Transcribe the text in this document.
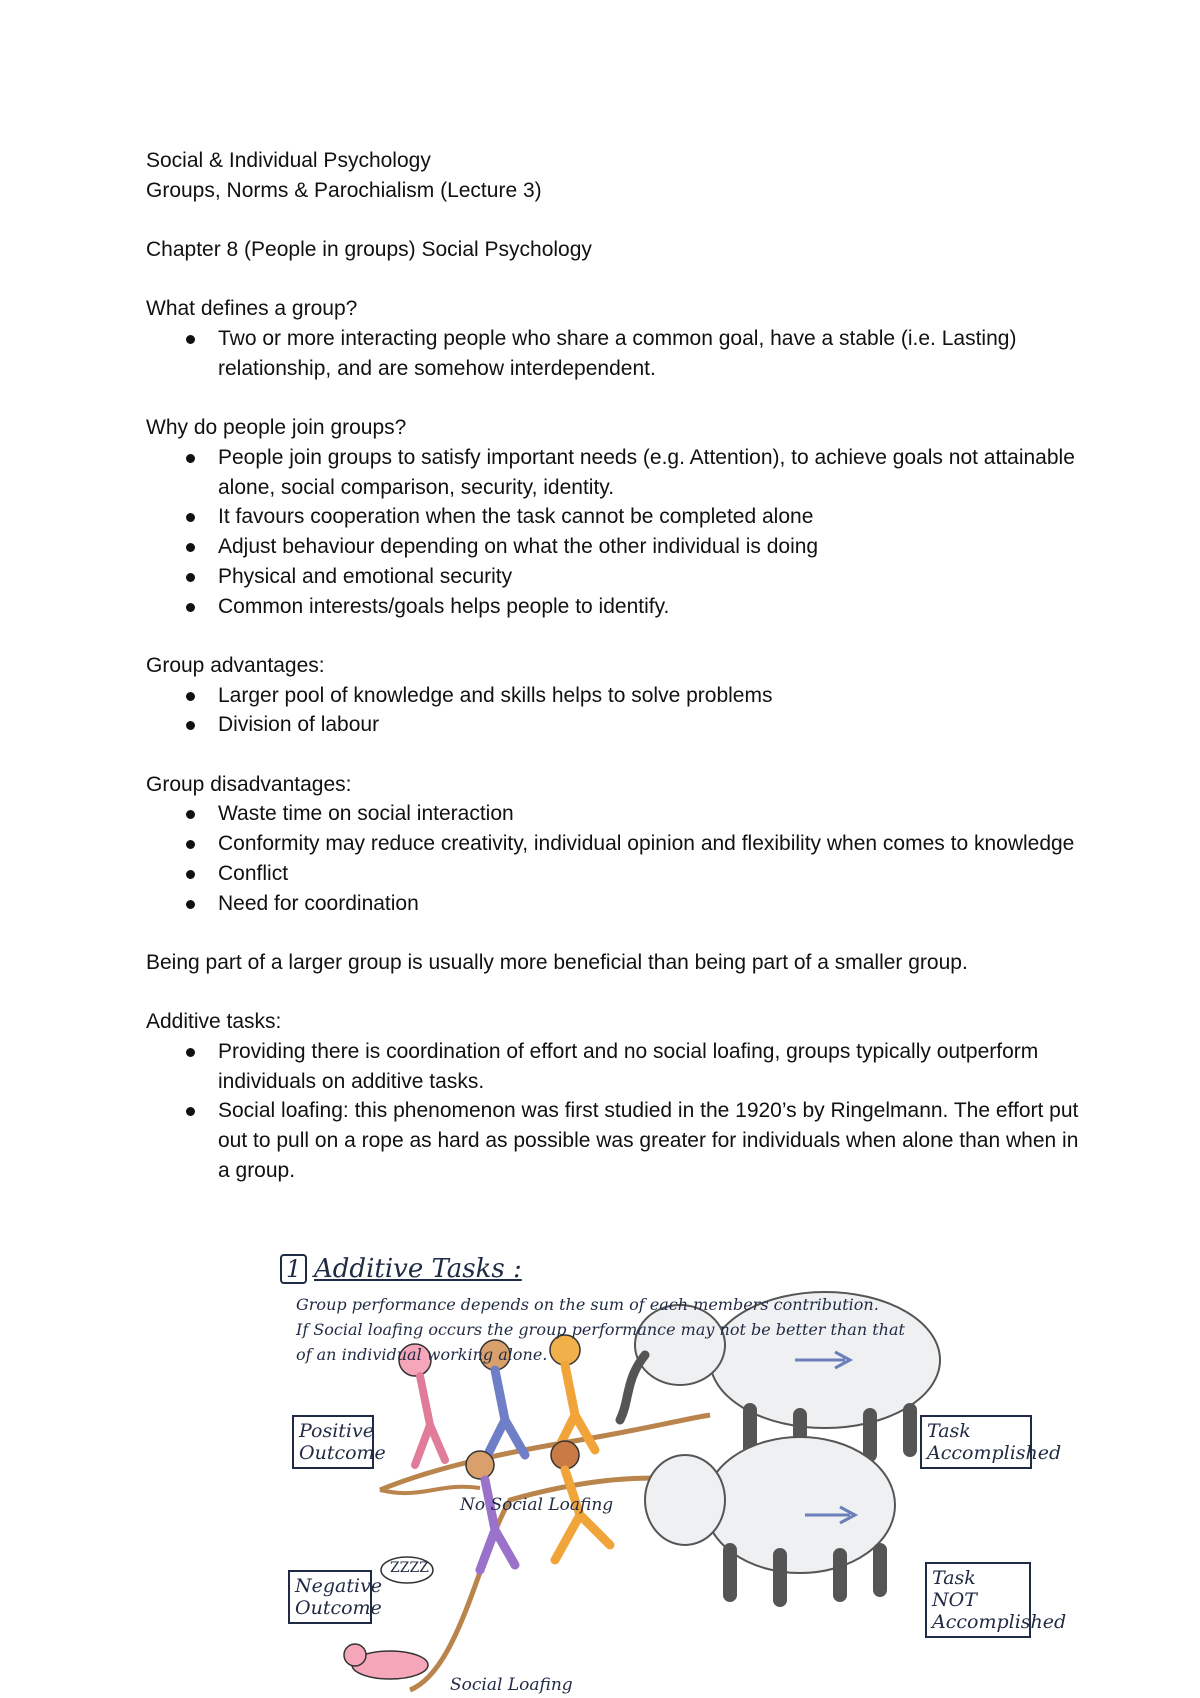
Social & Individual Psychology

Groups, Norms & Parochialism (Lecture 3)

Chapter 8 (People in groups) Social Psychology

What defines a group?

Two or more interacting people who share a common goal, have a stable (i.e. Lasting) relationship, and are somehow interdependent.

Why do people join groups?

People join groups to satisfy important needs (e.g. Attention), to achieve goals not attainable alone, social comparison, security, identity.
It favours cooperation when the task cannot be completed alone
Adjust behaviour depending on what the other individual is doing
Physical and emotional security
Common interests/goals helps people to identify.

Group advantages:

Larger pool of knowledge and skills helps to solve problems
Division of labour

Group disadvantages:

Waste time on social interaction
Conformity may reduce creativity, individual opinion and flexibility when comes to knowledge
Conflict
Need for coordination

Being part of a larger group is usually more beneficial than being part of a smaller group.

Additive tasks:

Providing there is coordination of effort and no social loafing, groups typically outperform individuals on additive tasks.
Social loafing: this phenomenon was first studied in the 1920’s by Ringelmann. The effort put out to pull on a rope as hard as possible was greater for individuals when alone than when in a group.
1 Additive Tasks :
Group performance depends on the sum of each members contribution.
If Social loafing occurs the group performance may not be better than that
of an individual working alone.
Positive Outcome
Task Accomplished
No Social Loafing
Negative Outcome
Task NOT Accomplished
ZZZZ
Social Loafing
